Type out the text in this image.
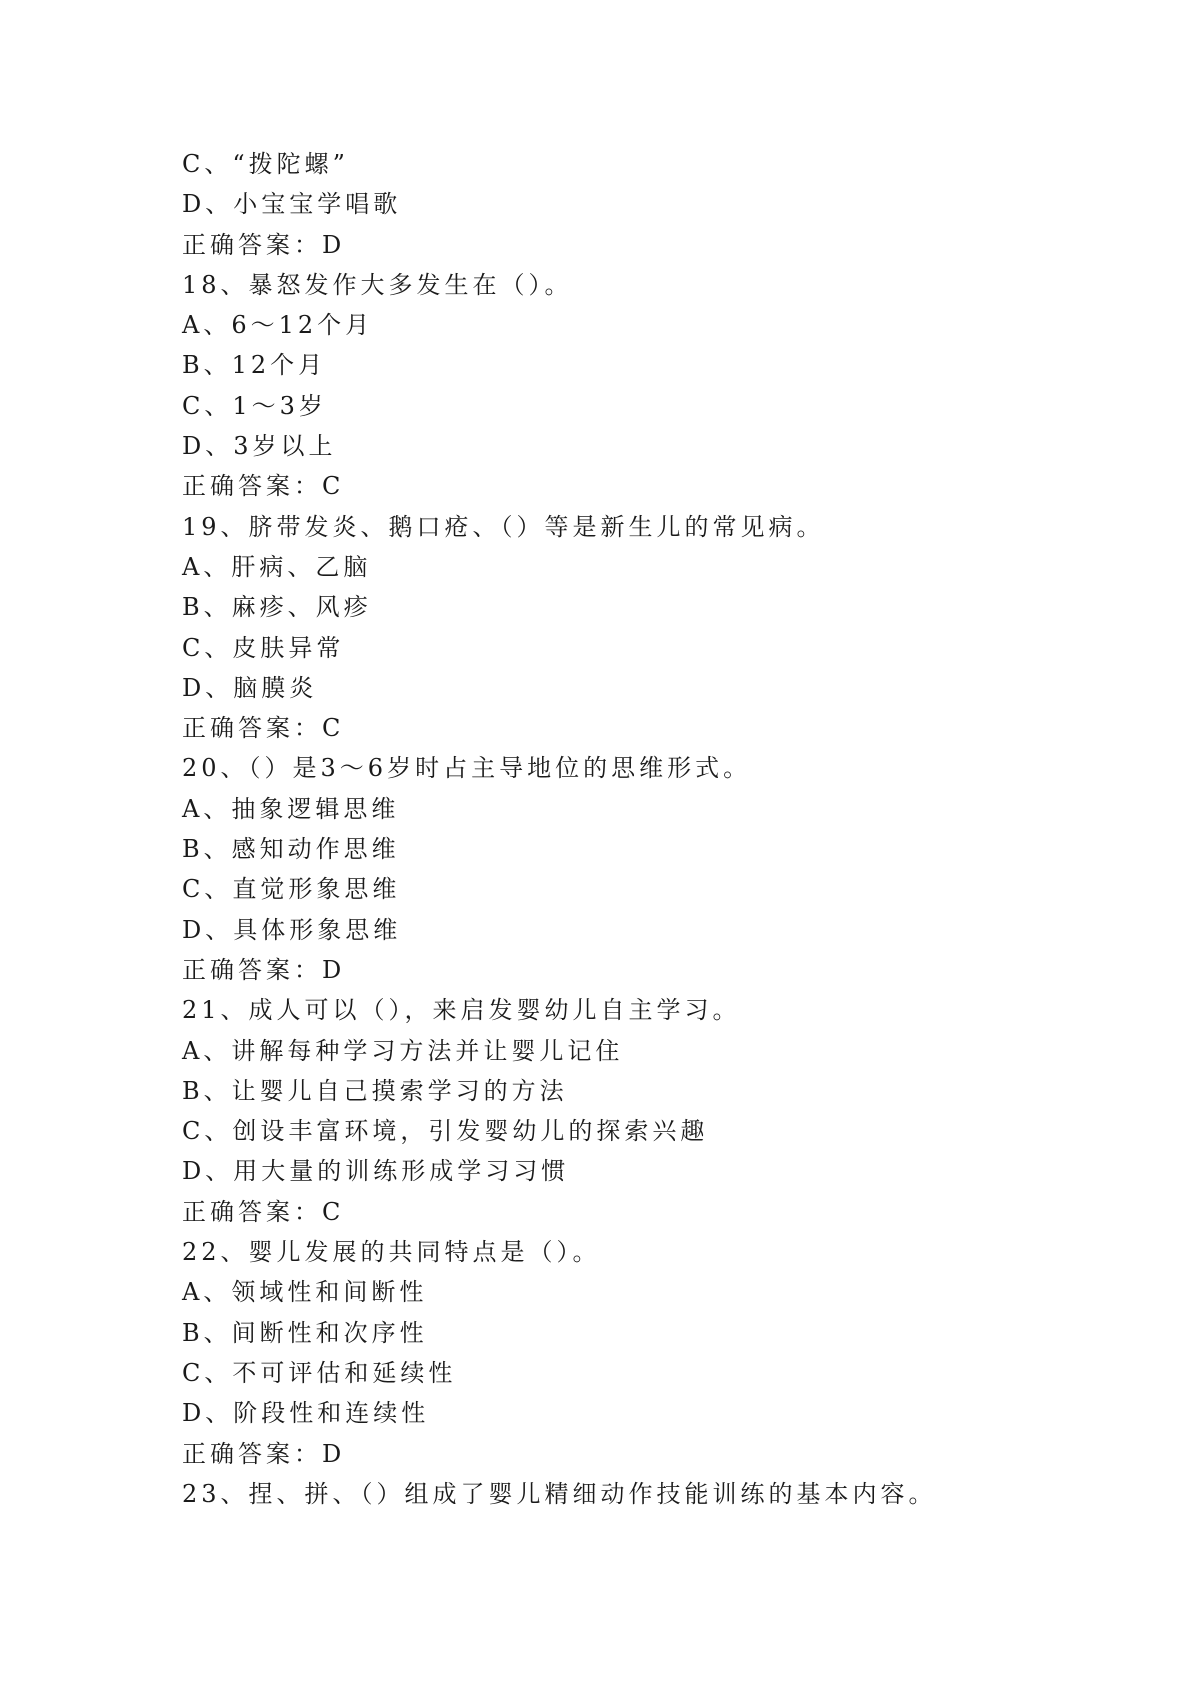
C、“拨陀螺”
D、小宝宝学唱歌
正确答案：D
18、暴怒发作大多发生在（）。
A、6～12个月
B、12个月
C、1～3岁
D、3岁以上
正确答案：C
19、脐带发炎、鹅口疮、（）等是新生儿的常见病。
A、肝病、乙脑
B、麻疹、风疹
C、皮肤异常
D、脑膜炎
正确答案：C
20、（）是3～6岁时占主导地位的思维形式。
A、抽象逻辑思维
B、感知动作思维
C、直觉形象思维
D、具体形象思维
正确答案：D
21、成人可以（），来启发婴幼儿自主学习。
A、讲解每种学习方法并让婴儿记住
B、让婴儿自己摸索学习的方法
C、创设丰富环境，引发婴幼儿的探索兴趣
D、用大量的训练形成学习习惯
正确答案：C
22、婴儿发展的共同特点是（）。
A、领域性和间断性
B、间断性和次序性
C、不可评估和延续性
D、阶段性和连续性
正确答案：D
23、捏、拼、（）组成了婴儿精细动作技能训练的基本内容。
